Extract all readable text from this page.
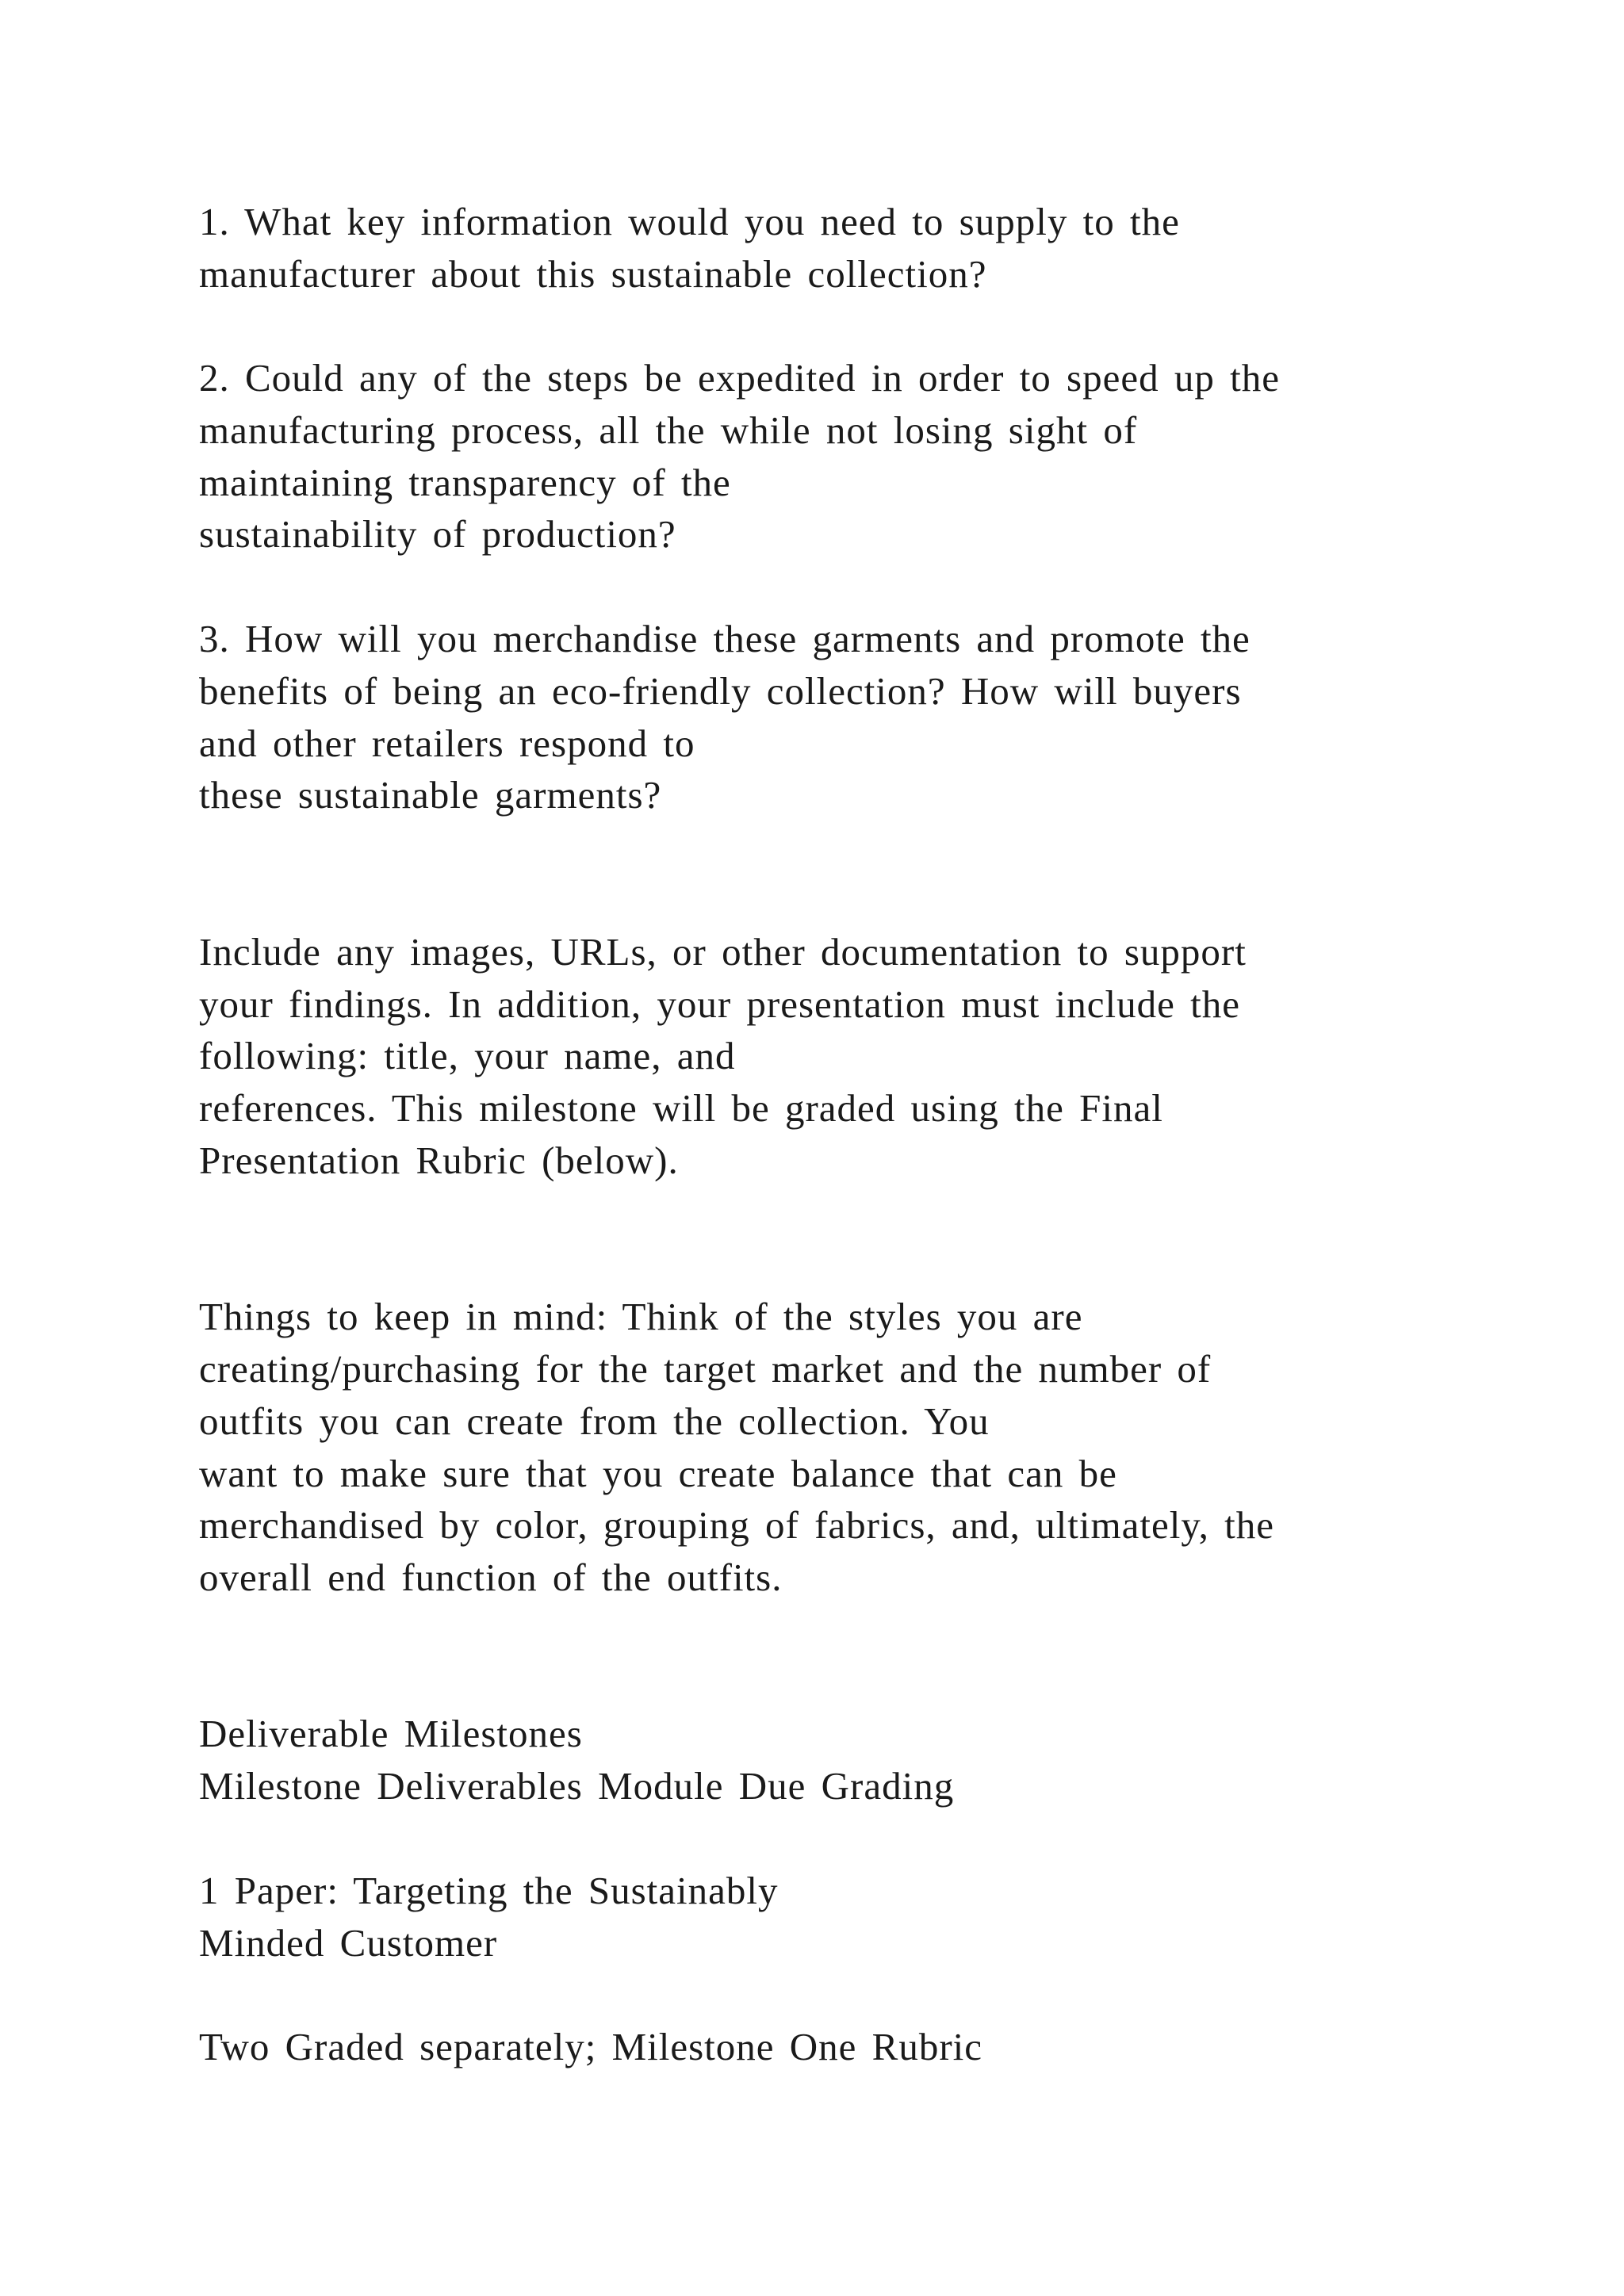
1. What key information would you need to supply to the

manufacturer about this sustainable collection?

2. Could any of the steps be expedited in order to speed up the

manufacturing process, all the while not losing sight of

maintaining transparency of the

sustainability of production?

3. How will you merchandise these garments and promote the

benefits of being an eco-friendly collection? How will buyers

and other retailers respond to

these sustainable garments?

Include any images, URLs, or other documentation to support

your findings. In addition, your presentation must include the

following: title, your name, and

references. This milestone will be graded using the Final

Presentation Rubric (below).

Things to keep in mind: Think of the styles you are

creating/purchasing for the target market and the number of

outfits you can create from the collection. You

want to make sure that you create balance that can be

merchandised by color, grouping of fabrics, and, ultimately, the

overall end function of the outfits.

Deliverable Milestones

Milestone Deliverables Module Due Grading

1 Paper: Targeting the Sustainably

Minded Customer

Two Graded separately; Milestone One Rubric
